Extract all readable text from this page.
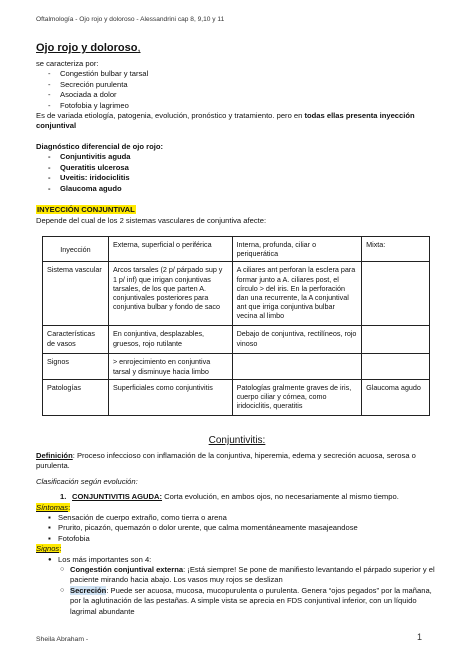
Oftalmología - Ojo rojo y doloroso - Alessandrini cap 8, 9,10 y 11
Ojo rojo y doloroso,
se caracteriza por:
- Congestión bulbar y tarsal
- Secreción purulenta
- Asociada a dolor
- Fotofobia y lagrimeo
Es de variada etiología, patogenia, evolución, pronóstico y tratamiento. pero en todas ellas presenta inyección conjuntival
Diagnóstico diferencial de ojo rojo:
- Conjuntivitis aguda
- Queratitis ulcerosa
- Uveitis: iridociclitis
- Glaucoma agudo
INYECCIÓN CONJUNTIVAL
Depende del cual de los 2 sistemas vasculares de conjuntiva afecte:
Inyección	Externa, superficial o periférica	Interna, profunda, ciliar o periquerática	Mixta:
Sistema vascular	Arcos tarsales (2 p/ párpado sup y 1 p/ inf) que irrigan conjuntivas tarsales, de los que parten A. conjuntivales posteriores para conjuntiva bulbar y fondo de saco	A ciliares ant perforan la esclera para formar junto a A. ciliares post, el círculo > del iris. En la perforación dan una recurrente, la A conjuntival ant que irriga conjuntiva bulbar vecina al limbo	
Características de vasos	En conjuntiva, desplazables, gruesos, rojo rutilante	Debajo de conjuntiva, rectilíneos, rojo vinoso	
Signos	> enrojecimiento en conjuntiva tarsal y disminuye hacia limbo		
Patologías	Superficiales como conjuntivitis	Patologías gralmente graves de iris, cuerpo ciliar y córnea, como iridociclitis, queratitis	Glaucoma agudo
Conjuntivitis:
Definición: Proceso infeccioso con inflamación de la conjuntiva, hiperemia, edema y secreción acuosa, serosa o purulenta.
Clasificación según evolución:
1. CONJUNTIVITIS AGUDA: Corta evolución, en ambos ojos, no necesariamente al mismo tiempo.
Síntomas:
▪ Sensación de cuerpo extraño, como tierra o arena
▪ Prurito, picazón, quemazón o dolor urente, que calma momentáneamente masajeandose
▪ Fotofobia
Signos:
● Los más importantes son 4:
○ Congestión conjuntival externa: ¡Está siempre! Se pone de manifiesto levantando el párpado superior y el paciente mirando hacia abajo. Los vasos muy rojos se deslizan
○ Secreción: Puede ser acuosa, mucosa, mucopurulenta o purulenta. Genera “ojos pegados” por la mañana, por la aglutinación de las pestañas. A simple vista se aprecia en FDS conjuntival inferior, con un líquido lagrimal abundante
Sheila Abraham -	1
